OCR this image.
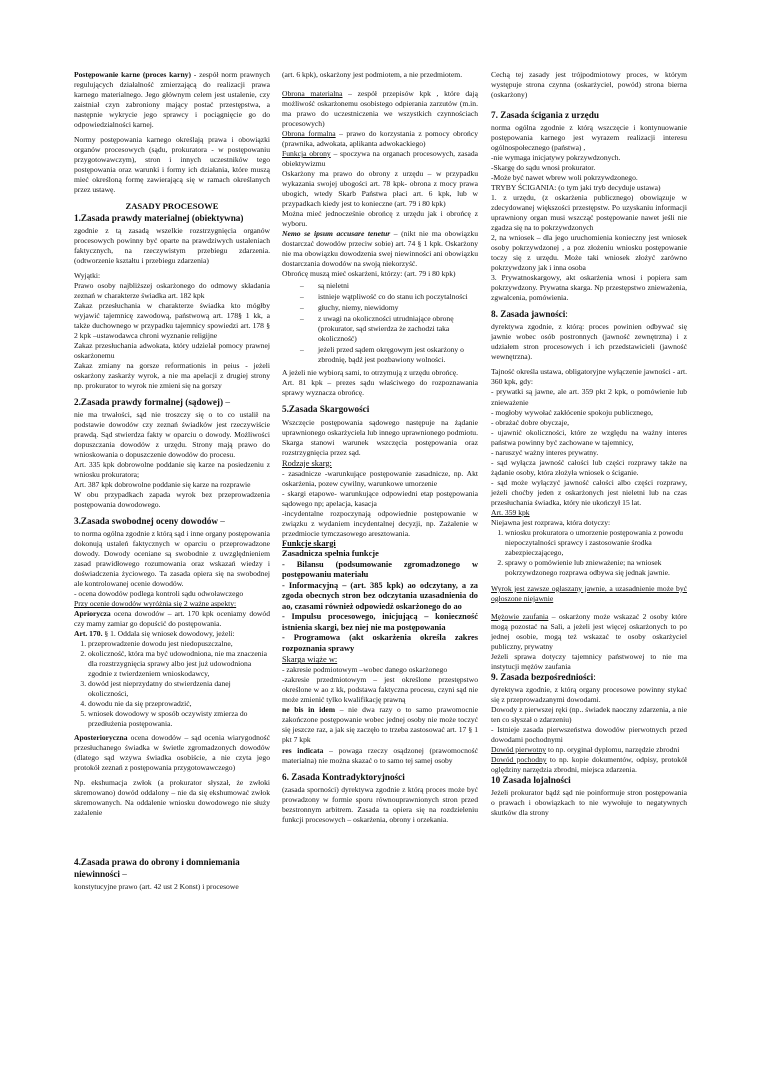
Postępowanie karne (proces karny) - zespół norm prawnych regulujących działalność zmierzającą do realizacji prawa karnego materialnego. Jego głównym celem jest ustalenie, czy zaistniał czyn zabroniony mający postać przestępstwa, a następnie wykrycie jego sprawcy i pociągnięcie go do odpowiedzialności karnej.

Normy postępowania karnego określają prawa i obowiązki organów procesowych (sądu, prokuratora - w postępowaniu przygotowawczym), stron i innych uczestników tego postępowania oraz warunki i formy ich działania, które muszą mieć określoną formę zawierającą się w ramach określanych przez ustawę.

ZASADY PROCESOWE
1.Zasada prawdy materialnej (obiektywna)

zgodnie z tą zasadą wszelkie rozstrzygnięcia organów procesowych powinny być oparte na prawdziwych ustaleniach faktycznych, na rzeczywistym przebiegu zdarzenia. (odtworzenie kształtu i przebiegu zdarzenia)

Wyjątki:

Prawo osoby najbliższej oskarżonego do odmowy składania zeznań w charakterze świadka art. 182 kpk

Zakaz przesłuchania w charakterze świadka kto mógłby wyjawić tajemnicę zawodową, państwową art. 178§ 1 kk, a także duchownego w przypadku tajemnicy spowiedzi art. 178 § 2 kpk –ustawodawca chroni wyznanie religijne

Zakaz przesłuchania adwokata, który udzielał pomocy prawnej oskarżonemu

Zakaz zmiany na gorsze reformationis in peius - jeżeli oskarżony zaskarży wyrok, a nie ma apelacji z drugiej strony np. prokurator to wyrok nie zmieni się na gorszy

2.Zasada prawdy formalnej (sądowej) –

nie ma trwałości, sąd nie troszczy się o to co ustalił na podstawie dowodów czy zeznań świadków jest rzeczywiście prawdą. Sąd stwierdza fakty w oparciu o dowody. Możliwości dopuszczania dowodów z urzędu. Strony mają prawo do wnioskowania o dopuszczenie dowodów do procesu.

Art. 335 kpk dobrowolne poddanie się karze na posiedzeniu z wniosku prokuratora;

Art. 387 kpk dobrowolne poddanie się karze na rozprawie

W obu przypadkach zapada wyrok bez przeprowadzenia postępowania dowodowego.

3.Zasada swobodnej oceny dowodów –

to norma ogólna zgodnie z którą sąd i inne organy postępowania dokonują ustaleń faktycznych w oparciu o przeprowadzone dowody. Dowody oceniane są swobodnie z uwzględnieniem zasad prawidłowego rozumowania oraz wskazań wiedzy i doświadczenia życiowego. Ta zasada opiera się na swobodnej ale kontrolowanej ocenie dowodów.

- ocena dowodów podlega kontroli sądu odwoławczego

Przy ocenie dowodów wyróżnia się 2 ważne aspekty:

Apriorycza ocena dowodów – art. 170 kpk oceniamy dowód czy mamy zamiar go dopuścić do postępowania.

Art. 170. § 1. Oddala się wniosek dowodowy, jeżeli:

1. przeprowadzenie dowodu jest niedopuszczalne,
2. okoliczność, która ma być udowodniona, nie ma znaczenia dla rozstrzygnięcia sprawy albo jest już udowodniona zgodnie z twierdzeniem wnioskodawcy,
3. dowód jest nieprzydatny do stwierdzenia danej okoliczności,
4. dowodu nie da się przeprowadzić,
5. wniosek dowodowy w sposób oczywisty zmierza do przedłużenia postępowania.

Aposterioryczna ocena dowodów – sąd ocenia wiarygodność przesłuchanego świadka w świetle zgromadzonych dowodów (dlatego sąd wzywa świadka osobiście, a nie czyta jego protokół zeznań z postępowania przygotowawczego)

Np. ekshumacja zwłok (a prokurator słyszał, że zwłoki skremowano) dowód oddalony – nie da się ekshumować zwłok skremowanych. Na oddalenie wniosku dowodowego nie służy zażalenie

4.Zasada prawa do obrony i domniemania niewinności –

konstytucyjne prawo (art. 42 ust 2 Konst) i procesowe

(art. 6 kpk), oskarżony jest podmiotem, a nie przedmiotem.

Obrona materialna – zespół przepisów kpk , które dają możliwość oskarżonemu osobistego odpierania zarzutów (m.in. ma prawo do uczestniczenia we wszystkich czynnościach procesowych)

Obrona formalna – prawo do korzystania z pomocy obrońcy (prawnika, adwokata, aplikanta adwokackiego)

Funkcja obrony – spoczywa na organach procesowych, zasada obiektywizmu

Oskarżony ma prawo do obrony z urzędu – w przypadku wykazania swojej ubogości art. 78 kpk- obrona z mocy prawa ubogich, wtedy Skarb Państwa płaci art. 6 kpk, lub w przypadkach kiedy jest to konieczne (art. 79 i 80 kpk)

Można mieć jednocześnie obrońcę z urzędu jak i obrońcę z wyboru.

Nemo se ipsum accusare tenetur – (nikt nie ma obowiązku dostarczać dowodów przeciw sobie) art. 74 § 1 kpk. Oskarżony nie ma obowiązku dowodzenia swej niewinności ani obowiązku dostarczania dowodów na swoją niekorzyść.

Obrońcę muszą mieć oskarżeni, którzy: (art. 79 i 80 kpk)

– są nieletni
– istnieje wątpliwość co do stanu ich poczytalności
– głuchy, niemy, niewidomy
– z uwagi na okoliczności utrudniające obronę (prokurator, sąd stwierdza że zachodzi taka okoliczność)
– jeżeli przed sądem okręgowym jest oskarżony o zbrodnię, bądź jest pozbawiony wolności.

A jeżeli nie wybiorą sami, to otrzymują z urzędu obrońcę.

Art. 81 kpk – prezes sądu właściwego do rozpoznawania sprawy wyznacza obrońcę.

5.Zasada Skargowości

Wszczęcie postępowania sądowego następuje na żądanie uprawnionego oskarżyciela lub innego uprawnionego podmiotu. Skarga stanowi warunek wszczęcia postępowania oraz rozstrzygnięcia przez sąd.

Rodzaje skarg:

- zasadnicze -warunkujące postępowanie zasadnicze, np. Akt oskarżenia, pozew cywilny, warunkowe umorzenie

- skargi etapowe- warunkujące odpowiedni etap postępowania sądowego np; apelacja, kasacja

-incydentalne rozpoczynają odpowiednie postępowanie w związku z wydaniem incydentalnej decyzji, np. Zażalenie w przedmiocie tymczasowego aresztowania.

Funkcje skargi

Zasadnicza spełnia funkcje

- Bilansu (podsumowanie zgromadzonego w postępowaniu materiału

- Informacyjną – (art. 385 kpk) ao odczytany, a za zgoda obecnych stron bez odczytania uzasadnienia do ao, czasami również odpowiedź oskarżonego do ao

- Impulsu procesowego, inicjującą – konieczność istnienia skargi, bez niej nie ma postępowania

- Programowa (akt oskarżenia określa zakres rozpoznania sprawy

Skarga wiąże w:

- zakresie podmiotowym –wobec danego oskarżonego

-zakresie przedmiotowym – jest określone przestępstwo określone w ao z kk, podstawa faktyczna procesu, czyni sąd nie może zmienić tylko kwalifikację prawną

ne bis in idem – nie dwa razy o to samo prawomocnie zakończone postępowanie wobec jednej osoby nie może toczyć się jeszcze raz, a jak się zaczęło to trzeba zastosować art. 17 § 1 pkt 7 kpk

res indicata – powaga rzeczy osądzonej (prawomocność materialna) nie można skazać o to samo tej samej osoby

6. Zasada Kontradyktoryjności

(zasada sporności) dyrektywa zgodnie z którą proces może być prowadzony w formie sporu równouprawnionych stron przed bezstronnym arbitrem. Zasada ta opiera się na rozdzieleniu funkcji procesowych – oskarżenia, obrony i orzekania.

Cechą tej zasady jest trójpodmiotowy proces, w którym występuje strona czynna (oskarżyciel, powód) strona bierna (oskarżony)

7. Zasada ścigania z urzędu

norma ogólna zgodnie z którą wszczęcie i kontynuowanie postępowania karnego jest wyrazem realizacji interesu ogólnospołecznego (państwa) ,

-nie wymaga inicjatywy pokrzywdzonych.

-Skargę do sądu wnosi prokurator.

-Może być nawet wbrew woli pokrzywdzonego.

TRYBY ŚCIGANIA: (o tym jaki tryb decyduje ustawa)

1. z urzędu, (z oskarżenia publicznego) obowiązuje w zdecydowanej większości przestępstw. Po uzyskaniu informacji uprawniony organ musi wszcząć postępowanie nawet jeśli nie zgadza się na to pokrzywdzonych

2, na wniosek – dla jego uruchomienia konieczny jest wniosek osoby pokrzywdzonej , a poz złożeniu wniosku postępowanie toczy się z urzędu. Może taki wniosek złożyć zarówno pokrzywdzony jak i inna osoba

3. Prywatnoskargowy, akt oskarżenia wnosi i popiera sam pokrzywdzony. Prywatna skarga. Np przestępstwo znieważenia, zgwalcenia, pomówienia.

8. Zasada jawności:

dyrektywa zgodnie, z którą: proces powinien odbywać się jawnie wobec osób postronnych (jawność zewnętrzna) i z udziałem stron procesowych i ich przedstawicieli (jawność wewnętrzna).

Tajność określa ustawa, obligatoryjne wyłączenie jawności - art. 360 kpk, gdy:

- prywatki są jawne, ale art. 359 pkt 2 kpk, o pomówienie lub znieważenie

- mogłoby wywołać zakłócenie spokoju publicznego,

- obrażać dobre obyczaje,

- ujawnić okoliczności, które ze względu na ważny interes państwa powinny być zachowane w tajemnicy,

- naruszyć ważny interes prywatny.

- sąd wyłącza jawność całości lub części rozprawy także na żądanie osoby, która złożyła wniosek o ściganie.

- sąd może wyłączyć jawność całości albo części rozprawy, jeżeli choćby jeden z oskarżonych jest nieletni lub na czas przesłuchania świadka, który nie ukończył 15 lat.

Art. 359 kpk

Niejawna jest rozprawa, która dotyczy:

1. wniosku prokuratora o umorzenie postępowania z powodu niepoczytalności sprawcy i zastosowanie środka zabezpieczającego,
2. sprawy o pomówienie lub znieważenie; na wniosek pokrzywdzonego rozprawa odbywa się jednak jawnie.

Wyrok jest zawsze ogłaszany jawnie, a uzasadnienie może być ogłoszone niejawnie

Mężowie zaufania – oskarżony może wskazać 2 osoby które mogą pozostać na Sali, a jeżeli jest więcej oskarżonych to po jednej osobie, mogą też wskazać te osoby oskarżyciel publiczny, prywatny

Jeżeli sprawa dotyczy tajemnicy państwowej to nie ma instytucji mężów zaufania

9. Zasada bezpośredniości:

dyrektywa zgodnie, z którą organy procesowe powinny stykać się z przeprowadzanymi dowodami.

Dowody z pierwszej ręki (np.. świadek naoczny zdarzenia, a nie ten co słyszał o zdarzeniu)

- Istnieje zasada pierwszeństwa dowodów pierwotnych przed dowodami pochodnymi

Dowód pierwotny to np. oryginał dyplomu, narzędzie zbrodni

Dowód pochodny to np. kopie dokumentów, odpisy, protokół oględziny narzędzia zbrodni, miejsca zdarzenia.

10 Zasada lojalności

Jeżeli prokurator bądź sąd nie poinformuje stron postępowania o prawach i obowiązkach to nie wywołuje to negatywnych skutków dla strony
